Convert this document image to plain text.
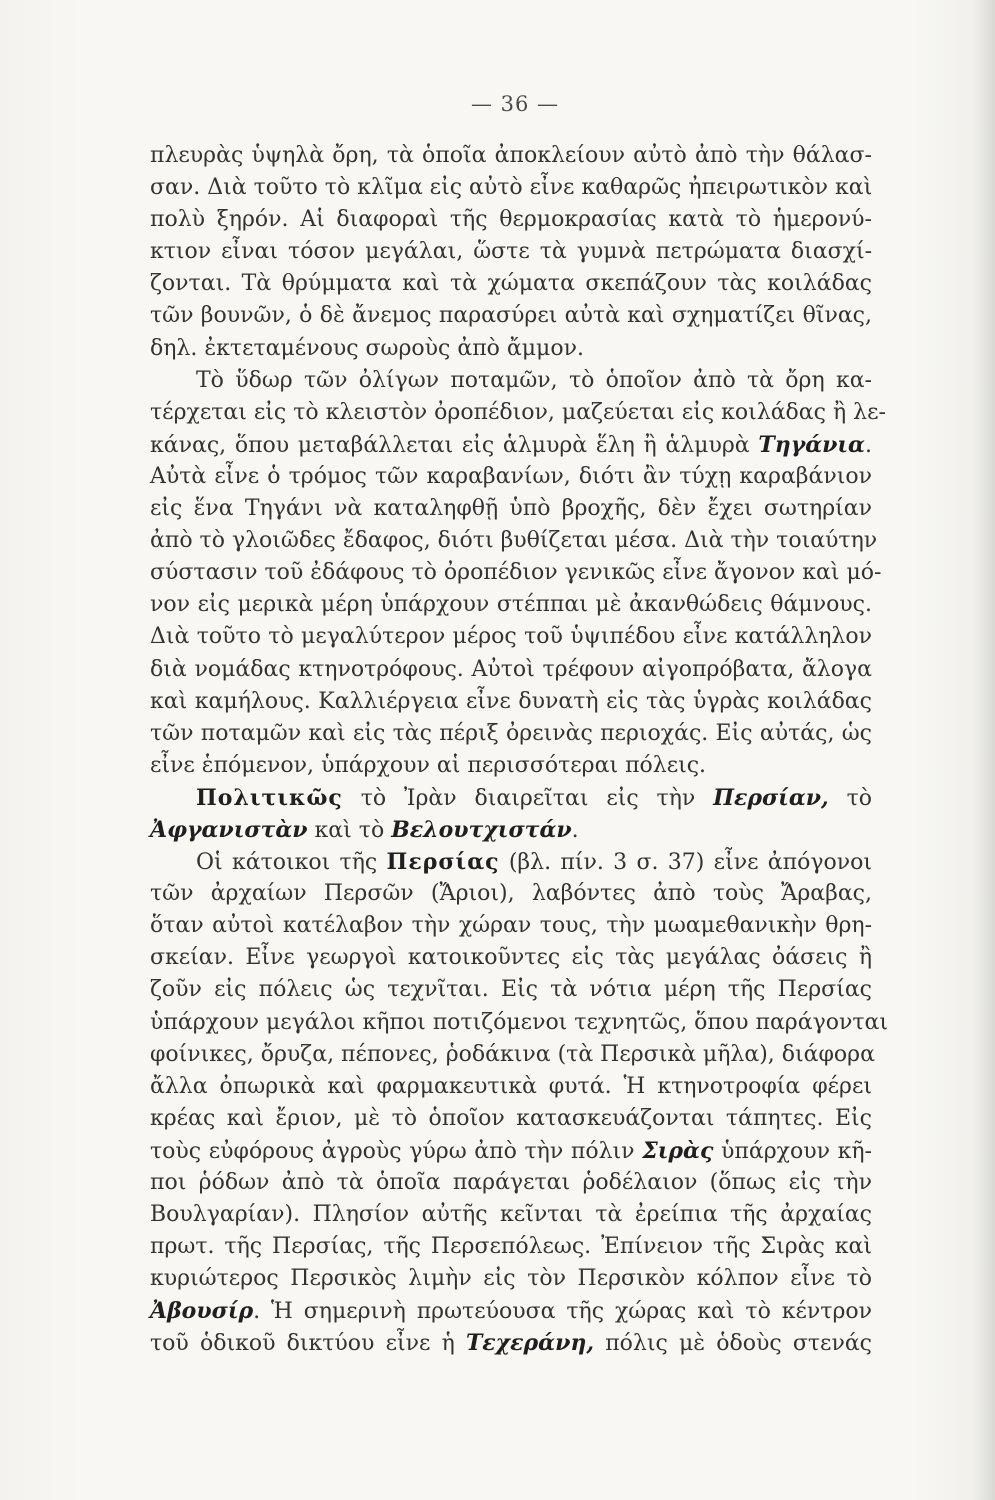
— 36 —
πλευρὰς ὑψηλὰ ὄρη, τὰ ὁποῖα ἀποκλείουν αὐτὸ ἀπὸ τὴν θάλασ-
σαν. Διὰ τοῦτο τὸ κλῖμα εἰς αὐτὸ εἶνε καθαρῶς ἠπειρωτικὸν καὶ
πολὺ ξηρόν. Αἱ διαφοραὶ τῆς θερμοκρασίας κατὰ τὸ ἡμερονύ-
κτιον εἶναι τόσον μεγάλαι, ὥστε τὰ γυμνὰ πετρώματα διασχί-
ζονται. Τὰ θρύμματα καὶ τὰ χώματα σκεπάζουν τὰς κοιλάδας
τῶν βουνῶν, ὁ δὲ ἄνεμος παρασύρει αὐτὰ καὶ σχηματίζει θῖνας,
δηλ. ἐκτεταμένους σωροὺς ἀπὸ ἄμμον.
Τὸ ὕδωρ τῶν ὀλίγων ποταμῶν, τὸ ὁποῖον ἀπὸ τὰ ὄρη κα-
τέρχεται εἰς τὸ κλειστὸν ὀροπέδιον, μαζεύεται εἰς κοιλάδας ἢ λε-
κάνας, ὅπου μεταβάλλεται εἰς ἁλμυρὰ ἕλη ἢ ἁλμυρὰ Τηγάνια.
Αὐτὰ εἶνε ὁ τρόμος τῶν καραβανίων, διότι ἂν τύχῃ καραβάνιον
εἰς ἕνα Τηγάνι νὰ καταληφθῇ ὑπὸ βροχῆς, δὲν ἔχει σωτηρίαν
ἀπὸ τὸ γλοιῶδες ἔδαφος, διότι βυθίζεται μέσα. Διὰ τὴν τοιαύτην
σύστασιν τοῦ ἐδάφους τὸ ὀροπέδιον γενικῶς εἶνε ἄγονον καὶ μό-
νον εἰς μερικὰ μέρη ὑπάρχουν στέππαι μὲ ἀκανθώδεις θάμνους.
Διὰ τοῦτο τὸ μεγαλύτερον μέρος τοῦ ὑψιπέδου εἶνε κατάλληλον
διὰ νομάδας κτηνοτρόφους. Αὐτοὶ τρέφουν αἰγοπρόβατα, ἄλογα
καὶ καμήλους. Καλλιέργεια εἶνε δυνατὴ εἰς τὰς ὑγρὰς κοιλάδας
τῶν ποταμῶν καὶ εἰς τὰς πέριξ ὀρεινὰς περιοχάς. Εἰς αὐτάς, ὡς
εἶνε ἑπόμενον, ὑπάρχουν αἱ περισσότεραι πόλεις.
Πολιτικῶς τὸ Ἰρὰν διαιρεῖται εἰς τὴν Περσίαν, τὸ
Ἀφγανιστὰν καὶ τὸ Βελουτχιστάν.
Οἱ κάτοικοι τῆς Περσίας (βλ. πίν. 3 σ. 37) εἶνε ἀπόγονοι
τῶν ἀρχαίων Περσῶν (Ἄριοι), λαβόντες ἀπὸ τοὺς Ἄραβας,
ὅταν αὐτοὶ κατέλαβον τὴν χώραν τους, τὴν μωαμεθανικὴν θρη-
σκείαν. Εἶνε γεωργοὶ κατοικοῦντες εἰς τὰς μεγάλας ὀάσεις ἢ
ζοῦν εἰς πόλεις ὡς τεχνῖται. Εἰς τὰ νότια μέρη τῆς Περσίας
ὑπάρχουν μεγάλοι κῆποι ποτιζόμενοι τεχνητῶς, ὅπου παράγονται
φοίνικες, ὄρυζα, πέπονες, ῥοδάκινα (τὰ Περσικὰ μῆλα), διάφορα
ἄλλα ὀπωρικὰ καὶ φαρμακευτικὰ φυτά. Ἡ κτηνοτροφία φέρει
κρέας καὶ ἔριον, μὲ τὸ ὁποῖον κατασκευάζονται τάπητες. Εἰς
τοὺς εὐφόρους ἀγροὺς γύρω ἀπὸ τὴν πόλιν Σιρὰς ὑπάρχουν κῆ-
ποι ῥόδων ἀπὸ τὰ ὁποῖα παράγεται ῥοδέλαιον (ὅπως εἰς τὴν
Βουλγαρίαν). Πλησίον αὐτῆς κεῖνται τὰ ἐρείπια τῆς ἀρχαίας
πρωτ. τῆς Περσίας, τῆς Περσεπόλεως. Ἐπίνειον τῆς Σιρὰς καὶ
κυριώτερος Περσικὸς λιμὴν εἰς τὸν Περσικὸν κόλπον εἶνε τὸ
Ἀβουσίρ. Ἡ σημερινὴ πρωτεύουσα τῆς χώρας καὶ τὸ κέντρον
τοῦ ὁδικοῦ δικτύου εἶνε ἡ Τεχεράνη, πόλις μὲ ὁδοὺς στενάς
